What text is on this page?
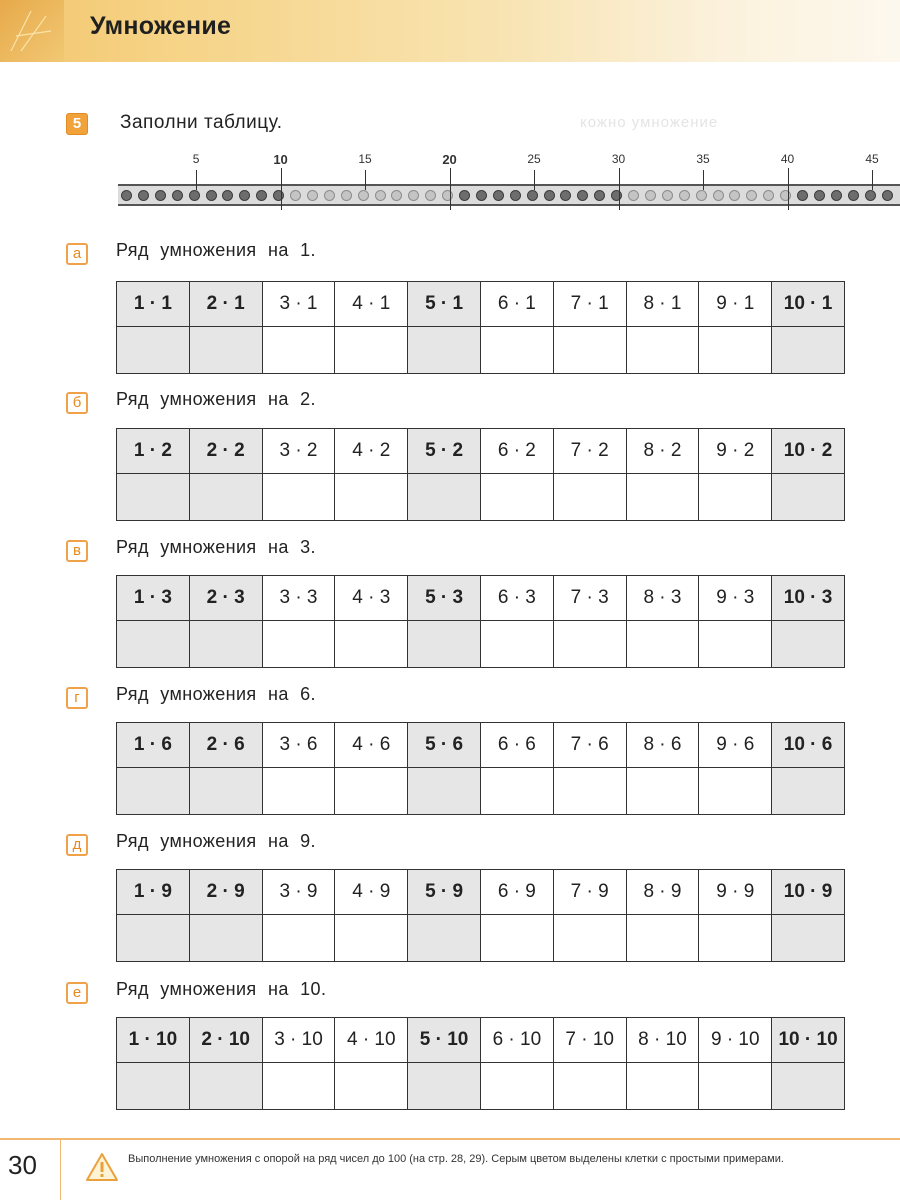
Умножение
5	Заполни таблицу.	кожно умножение
5	10	15	20	25	30	35	40	45
а	Ряд умножения на 1.
1 · 1	2 · 1	3 · 1	4 · 1	5 · 1	6 · 1	7 · 1	8 · 1	9 · 1	10 · 1

б	Ряд умножения на 2.
1 · 2	2 · 2	3 · 2	4 · 2	5 · 2	6 · 2	7 · 2	8 · 2	9 · 2	10 · 2

в	Ряд умножения на 3.
1 · 3	2 · 3	3 · 3	4 · 3	5 · 3	6 · 3	7 · 3	8 · 3	9 · 3	10 · 3

г	Ряд умножения на 6.
1 · 6	2 · 6	3 · 6	4 · 6	5 · 6	6 · 6	7 · 6	8 · 6	9 · 6	10 · 6

д	Ряд умножения на 9.
1 · 9	2 · 9	3 · 9	4 · 9	5 · 9	6 · 9	7 · 9	8 · 9	9 · 9	10 · 9

е	Ряд умножения на 10.
1 · 10	2 · 10	3 · 10	4 · 10	5 · 10	6 · 10	7 · 10	8 · 10	9 · 10	10 · 10

30	Выполнение умножения с опорой на ряд чисел до 100 (на стр. 28, 29). Серым цветом выделены клетки с простыми примерами.
